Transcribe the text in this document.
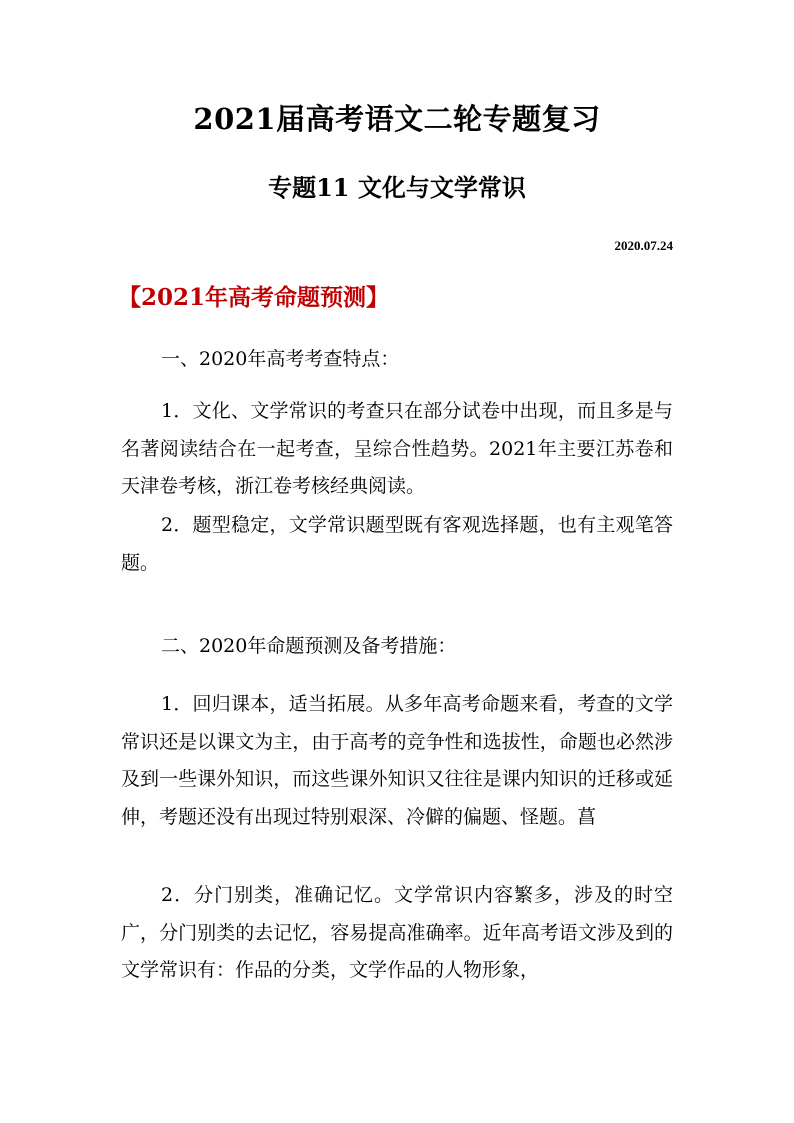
2021届高考语文二轮专题复习
专题11 文化与文学常识
2020.07.24
【2021年高考命题预测】

一、2020年高考考查特点：

1．文化、文学常识的考查只在部分试卷中出现，而且多是与名著阅读结合在一起考查，呈综合性趋势。2021年主要江苏卷和天津卷考核，浙江卷考核经典阅读。

2．题型稳定，文学常识题型既有客观选择题，也有主观笔答题。

二、2020年命题预测及备考措施：

1．回归课本，适当拓展。从多年高考命题来看，考查的文学常识还是以课文为主，由于高考的竞争性和选拔性，命题也必然涉及到一些课外知识，而这些课外知识又往往是课内知识的迁移或延伸，考题还没有出现过特别艰深、冷僻的偏题、怪题。菖

2．分门别类，准确记忆。文学常识内容繁多，涉及的时空广，分门别类的去记忆，容易提高准确率。近年高考语文涉及到的文学常识有：作品的分类，文学作品的人物形象，
